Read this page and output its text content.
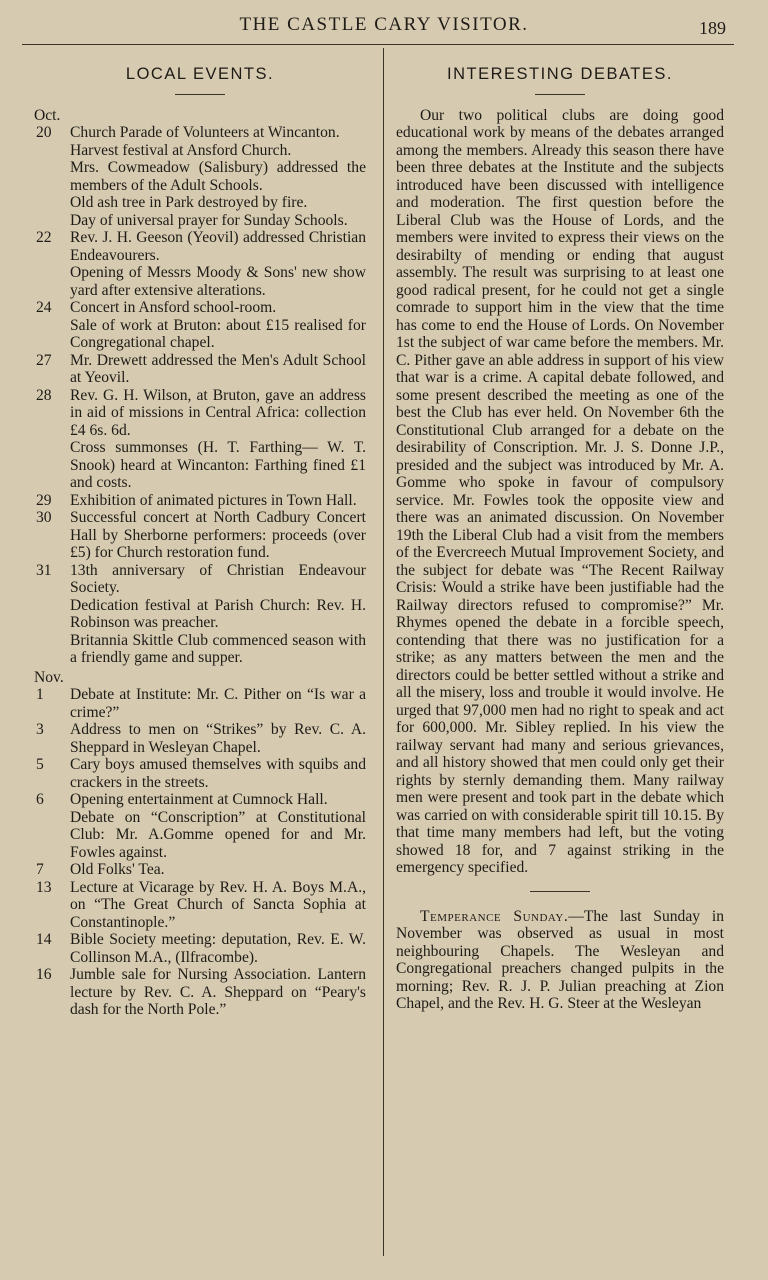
THE CASTLE CARY VISITOR.	189
LOCAL EVENTS.
Oct.
20	Church Parade of Volunteers at Wincanton.
Harvest festival at Ansford Church.
Mrs. Cowmeadow (Salisbury) addressed the members of the Adult Schools.
Old ash tree in Park destroyed by fire.
Day of universal prayer for Sunday Schools.
22	Rev. J. H. Geeson (Yeovil) addressed Christian Endeavourers.
Opening of Messrs Moody & Sons' new show yard after extensive alterations.
24	Concert in Ansford school-room.
Sale of work at Bruton: about £15 realised for Congregational chapel.
27	Mr. Drewett addressed the Men's Adult School at Yeovil.
28	Rev. G. H. Wilson, at Bruton, gave an address in aid of missions in Central Africa: collection £4 6s. 6d.
Cross summonses (H. T. Farthing— W. T. Snook) heard at Wincanton: Farthing fined £1 and costs.
29	Exhibition of animated pictures in Town Hall.
30	Successful concert at North Cadbury Concert Hall by Sherborne performers: proceeds (over £5) for Church restoration fund.
31	13th anniversary of Christian Endeavour Society.
Dedication festival at Parish Church: Rev. H. Robinson was preacher.
Britannia Skittle Club commenced season with a friendly game and supper.
Nov.
1	Debate at Institute: Mr. C. Pither on “Is war a crime?”
3	Address to men on “Strikes” by Rev. C. A. Sheppard in Wesleyan Chapel.
5	Cary boys amused themselves with squibs and crackers in the streets.
6	Opening entertainment at Cumnock Hall.
Debate on “Conscription” at Constitutional Club: Mr. A.Gomme opened for and Mr. Fowles against.
7	Old Folks' Tea.
13	Lecture at Vicarage by Rev. H. A. Boys M.A., on “The Great Church of Sancta Sophia at Constantinople.”
14	Bible Society meeting: deputation, Rev. E. W. Collinson M.A., (Ilfracombe).
16	Jumble sale for Nursing Association. Lantern lecture by Rev. C. A. Sheppard on “Peary's dash for the North Pole.”
INTERESTING DEBATES.

Our two political clubs are doing good educational work by means of the debates arranged among the members. Already this season there have been three debates at the Institute and the subjects introduced have been discussed with intelligence and moderation. The first question before the Liberal Club was the House of Lords, and the members were invited to express their views on the desirabilty of mending or ending that august assembly. The result was surprising to at least one good radical present, for he could not get a single comrade to support him in the view that the time has come to end the House of Lords. On November 1st the subject of war came before the members. Mr. C. Pither gave an able address in support of his view that war is a crime. A capital debate followed, and some present described the meeting as one of the best the Club has ever held. On November 6th the Constitutional Club arranged for a debate on the desirability of Conscription. Mr. J. S. Donne J.P., presided and the subject was introduced by Mr. A. Gomme who spoke in favour of compulsory service. Mr. Fowles took the opposite view and there was an animated discussion. On November 19th the Liberal Club had a visit from the members of the Evercreech Mutual Improvement Society, and the subject for debate was “The Recent Railway Crisis: Would a strike have been justifiable had the Railway directors refused to compromise?” Mr. Rhymes opened the debate in a forcible speech, contending that there was no justification for a strike; as any matters between the men and the directors could be better settled without a strike and all the misery, loss and trouble it would involve. He urged that 97,000 men had no right to speak and act for 600,000. Mr. Sibley replied. In his view the railway servant had many and serious grievances, and all history showed that men could only get their rights by sternly demanding them. Many railway men were present and took part in the debate which was carried on with considerable spirit till 10.15. By that time many members had left, but the voting showed 18 for, and 7 against striking in the emergency specified.

Temperance Sunday.—The last Sunday in November was observed as usual in most neighbouring Chapels. The Wesleyan and Congregational preachers changed pulpits in the morning; Rev. R. J. P. Julian preaching at Zion Chapel, and the Rev. H. G. Steer at the Wesleyan
